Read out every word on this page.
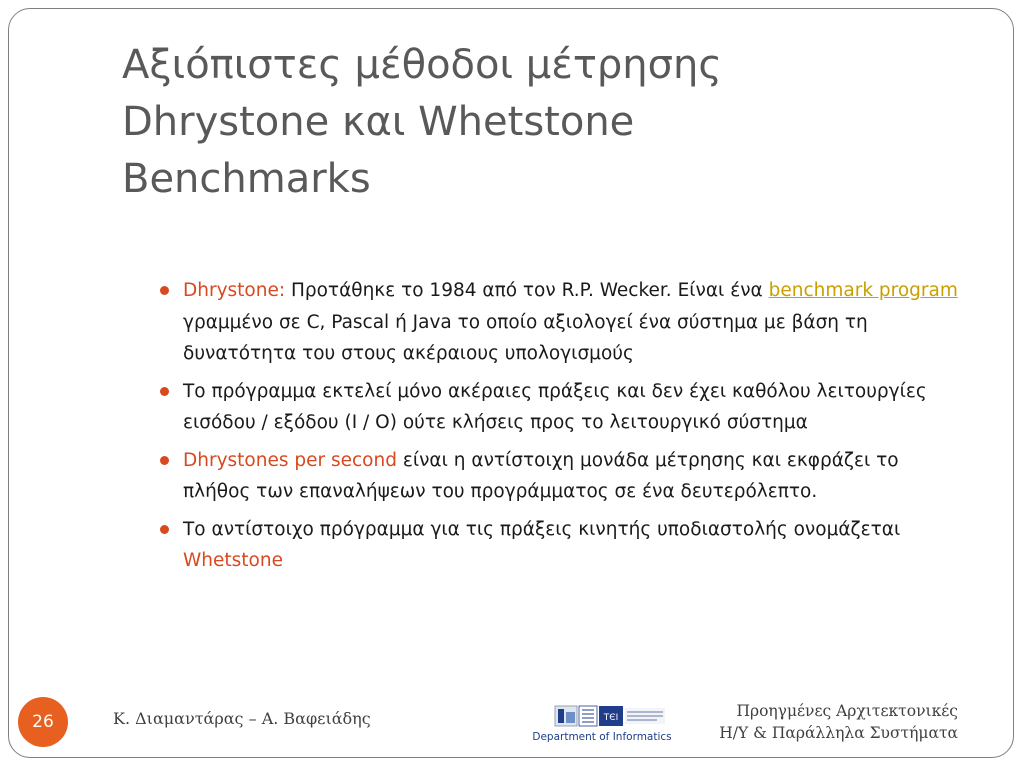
Αξιόπιστες μέθοδοι μέτρησης
Dhrystone και Whetstone
Benchmarks
Dhrystone: Προτάθηκε το 1984 από τον R.P. Wecker. Είναι ένα benchmark program γραμμένο σε C, Pascal ή Java το οποίο αξιολογεί ένα σύστημα με βάση τη δυνατότητα του στους ακέραιους υπολογισμούς
Το πρόγραμμα εκτελεί μόνο ακέραιες πράξεις και δεν έχει καθόλου λειτουργίες εισόδου / εξόδου (I / O) ούτε κλήσεις προς το λειτουργικό σύστημα
Dhrystones per second είναι η αντίστοιχη μονάδα μέτρησης και εκφράζει το πλήθος των επαναλήψεων του προγράμματος σε ένα δευτερόλεπτο.
Το αντίστοιχο πρόγραμμα για τις πράξεις κινητής υποδιαστολής ονομάζεται Whetstone
26	Κ. Διαμαντάρας – Α. Βαφειάδης	ТЄІ
Department of Informatics
Προηγμένες Αρχιτεκτονικές
Η/Υ & Παράλληλα Συστήματα
